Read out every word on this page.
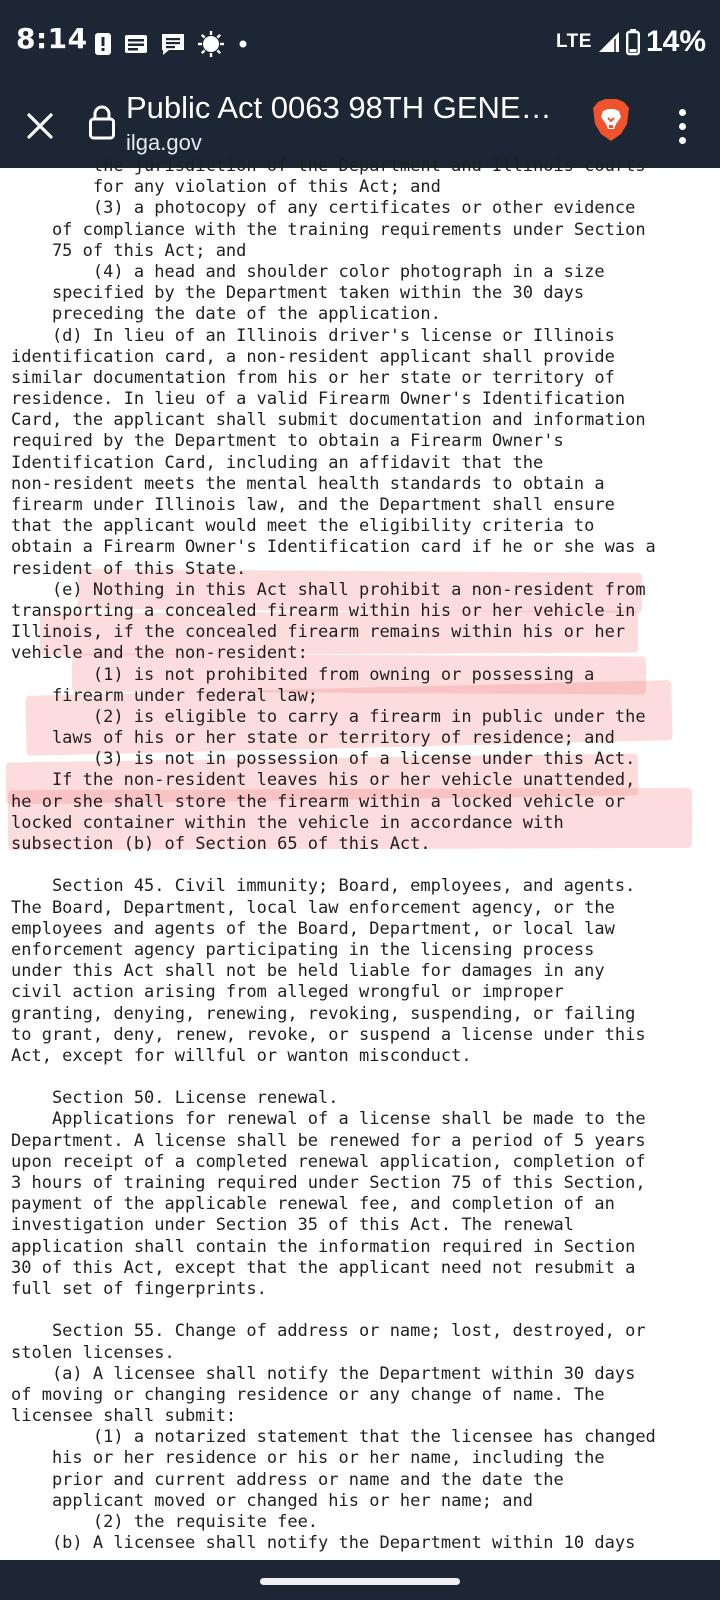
8:14	LTE 14%
Public Act 0063 98TH GENE…
ilga.gov
the jurisdiction of the Department and Illinois courts
for any violation of this Act; and
(3) a photocopy of any certificates or other evidence
of compliance with the training requirements under Section
75 of this Act; and
(4) a head and shoulder color photograph in a size
specified by the Department taken within the 30 days
preceding the date of the application.
(d) In lieu of an Illinois driver's license or Illinois
identification card, a non-resident applicant shall provide
similar documentation from his or her state or territory of
residence. In lieu of a valid Firearm Owner's Identification
Card, the applicant shall submit documentation and information
required by the Department to obtain a Firearm Owner's
Identification Card, including an affidavit that the
non-resident meets the mental health standards to obtain a
firearm under Illinois law, and the Department shall ensure
that the applicant would meet the eligibility criteria to
obtain a Firearm Owner's Identification card if he or she was a
resident of this State.
(e) Nothing in this Act shall prohibit a non-resident from
transporting a concealed firearm within his or her vehicle in
Illinois, if the concealed firearm remains within his or her
vehicle and the non-resident:
(1) is not prohibited from owning or possessing a
firearm under federal law;
(2) is eligible to carry a firearm in public under the
laws of his or her state or territory of residence; and
(3) is not in possession of a license under this Act.
If the non-resident leaves his or her vehicle unattended,
he or she shall store the firearm within a locked vehicle or
locked container within the vehicle in accordance with
subsection (b) of Section 65 of this Act.
Section 45. Civil immunity; Board, employees, and agents.
The Board, Department, local law enforcement agency, or the
employees and agents of the Board, Department, or local law
enforcement agency participating in the licensing process
under this Act shall not be held liable for damages in any
civil action arising from alleged wrongful or improper
granting, denying, renewing, revoking, suspending, or failing
to grant, deny, renew, revoke, or suspend a license under this
Act, except for willful or wanton misconduct.
Section 50. License renewal.
Applications for renewal of a license shall be made to the
Department. A license shall be renewed for a period of 5 years
upon receipt of a completed renewal application, completion of
3 hours of training required under Section 75 of this Section,
payment of the applicable renewal fee, and completion of an
investigation under Section 35 of this Act. The renewal
application shall contain the information required in Section
30 of this Act, except that the applicant need not resubmit a
full set of fingerprints.
Section 55. Change of address or name; lost, destroyed, or
stolen licenses.
(a) A licensee shall notify the Department within 30 days
of moving or changing residence or any change of name. The
licensee shall submit:
(1) a notarized statement that the licensee has changed
his or her residence or his or her name, including the
prior and current address or name and the date the
applicant moved or changed his or her name; and
(2) the requisite fee.
(b) A licensee shall notify the Department within 10 days
